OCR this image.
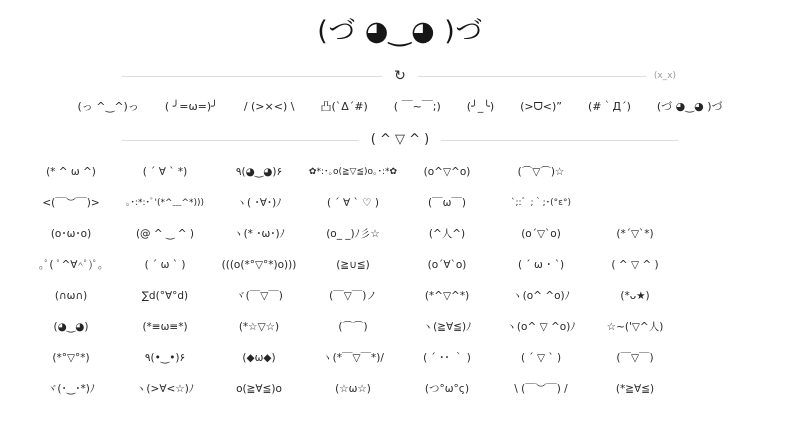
(づ ◕‿◕ )づ
↻	(x_x)
(っ ^‿^)っ	( ╯=ω=)╯	/ (>×<) \	凸(`Δ´#)	( ￣~￣;)	(╯_╰)	(>ᗜ<)”	(#｀Д´)	(づ ◕‿◕ )づ
( ^ ▽ ^ )
(* ^ ω ^)	( ´ ∀ ` *)	٩(◕‿◕)۶	✿*:･｡o(≧▽≦)o｡･:*✿	(o^▽^o)	(⌒▽⌒)☆
<(￣︶￣)>	｡･:*:･ﾟ'(*^﹏^*)))	ヽ( ･∀･)ﾉ	( ´ ∀ ` ♡ )	(￣ω￣)	`;:゛;｀;･(°ε°)
(o･ω･o)	(@ ^ ‿ ^ )	ヽ(* ･ω･)ﾉ	(o_ _)ﾉ彡☆	(^人^)	(o´▽`o)	(*´▽`*)
｡ﾟ( ﾟ^∀^ﾟ)ﾟ｡	( ´ ω ` )	(((o(*°▽°*)o)))	(≧∪≦)	(o´∀`o)	( ´ ω ･ `)	( ^ ▽ ^ )
(∩ω∩)	∑d(°∀°d)	ヾ(￣▽￣)	(￣▽￣)ノ	(*^▽^*)	ヽ(o^ ^o)ﾉ	(*ᴗ★)
(◕‿◕)	(*≡ω≡*)	(*☆▽☆)	(⌒⌒)	ヽ(≧∀≦)ﾉ	ヽ(o^ ▽ ^o)ﾉ	☆~('▽^人)
(*°▽°*)	٩(•‿•)۶	(◆ω◆)	ヽ(*￣▽￣*)/	( ´ ･･ ｀ )	( ´ ▽ ` )	(￣▽￣)
ヾ(･‿･*)ﾉ	ヽ(>∀<☆)ﾉ	o(≧∀≦)o	(☆ω☆)	(つ°ω°ς)	\ (￣︶￣) /	(*≧∀≦)
